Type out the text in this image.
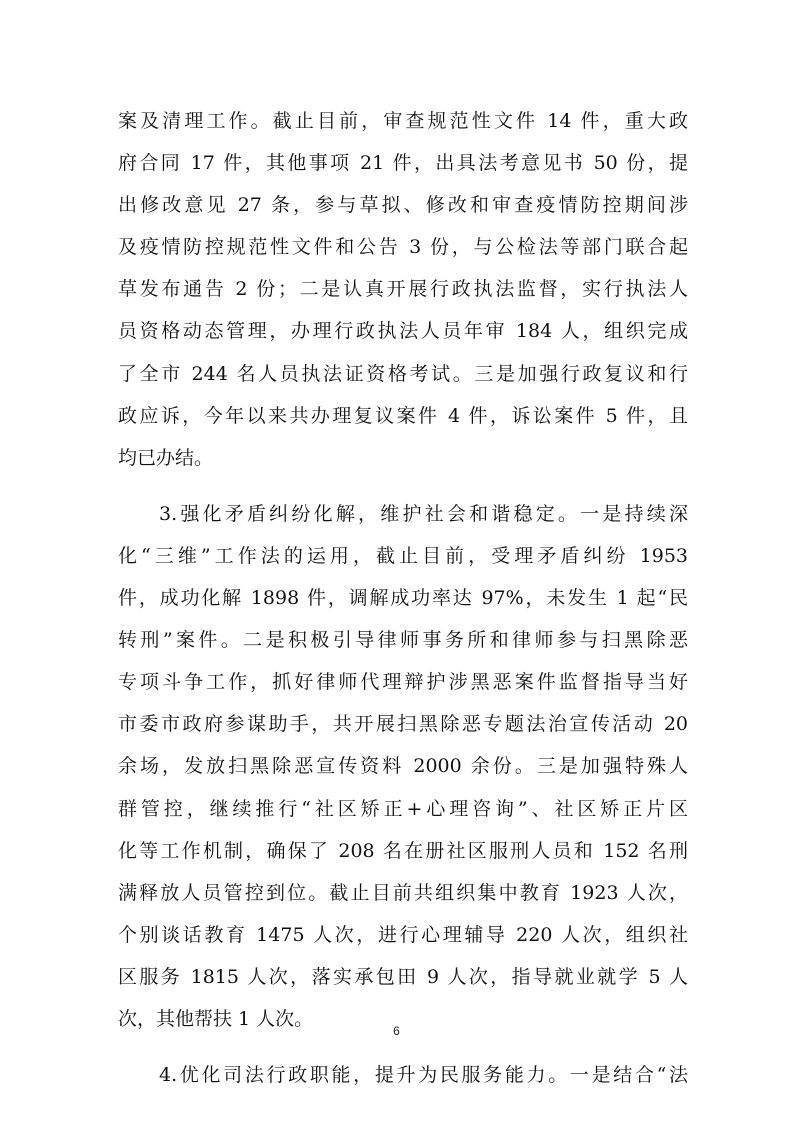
案及清理工作。截止目前，审查规范性文件 14 件，重大政
府合同 17 件，其他事项 21 件，出具法考意见书 50 份，提
出修改意见 27 条，参与草拟、修改和审查疫情防控期间涉
及疫情防控规范性文件和公告 3 份，与公检法等部门联合起
草发布通告 2 份；二是认真开展行政执法监督，实行执法人
员资格动态管理，办理行政执法人员年审 184 人，组织完成
了全市 244 名人员执法证资格考试。三是加强行政复议和行
政应诉，今年以来共办理复议案件 4 件，诉讼案件 5 件，且
均已办结。
3.强化矛盾纠纷化解，维护社会和谐稳定。一是持续深
化“三维”工作法的运用，截止目前，受理矛盾纠纷 1953
件，成功化解 1898 件，调解成功率达 97%，未发生 1 起“民
转刑”案件。二是积极引导律师事务所和律师参与扫黑除恶
专项斗争工作，抓好律师代理辩护涉黑恶案件监督指导当好
市委市政府参谋助手，共开展扫黑除恶专题法治宣传活动 20
余场，发放扫黑除恶宣传资料 2000 余份。三是加强特殊人
群管控，继续推行“社区矫正+心理咨询”、社区矫正片区
化等工作机制，确保了 208 名在册社区服刑人员和 152 名刑
满释放人员管控到位。截止目前共组织集中教育 1923 人次，
个别谈话教育 1475 人次，进行心理辅导 220 人次，组织社
区服务 1815 人次，落实承包田 9 人次，指导就业就学 5 人
次，其他帮扶 1 人次。
4.优化司法行政职能，提升为民服务能力。一是结合“法
6
